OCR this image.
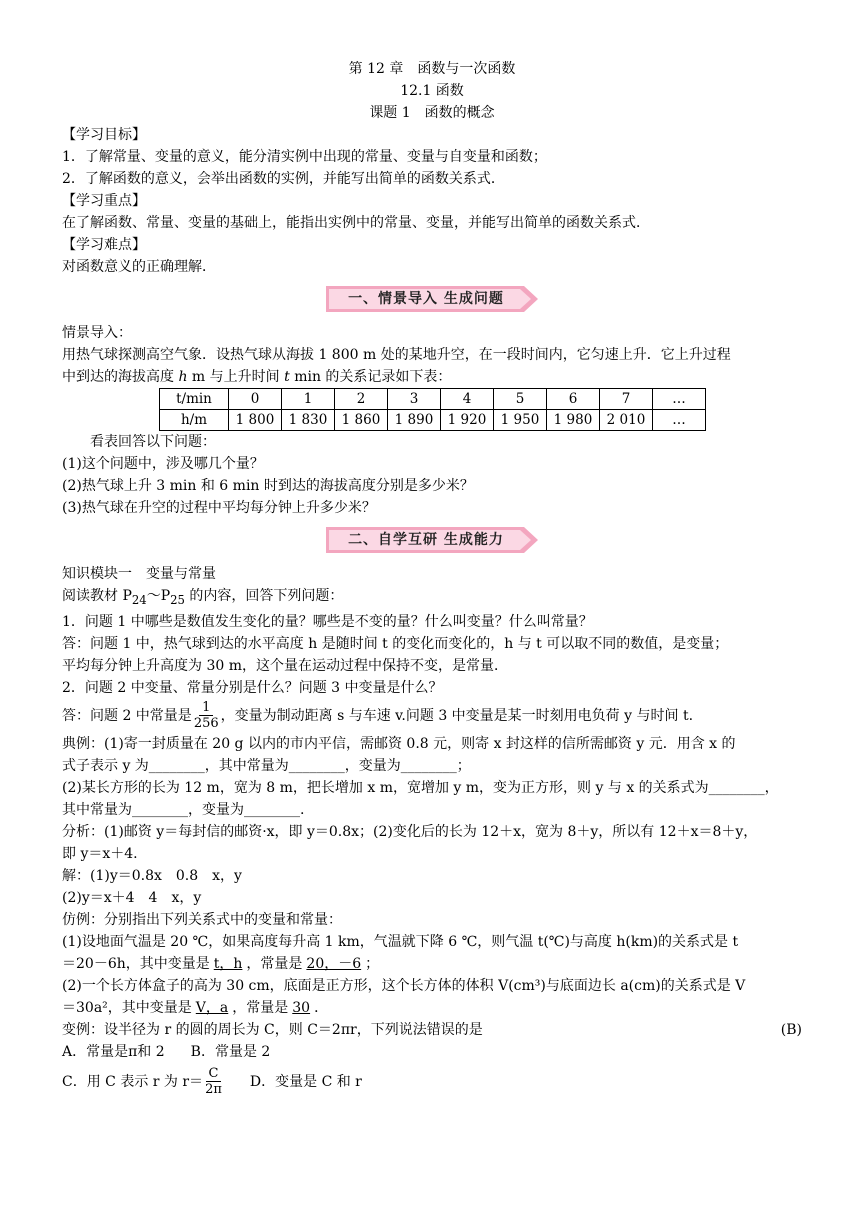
第 12 章　函数与一次函数
12.1 函数
课题 1　函数的概念

【学习目标】

1．了解常量、变量的意义，能分清实例中出现的常量、变量与自变量和函数；

2．了解函数的意义，会举出函数的实例，并能写出简单的函数关系式．

【学习重点】

在了解函数、常量、变量的基础上，能指出实例中的常量、变量，并能写出简单的函数关系式．

【学习难点】

对函数意义的正确理解．

一、情景导入 生成问题

情景导入：

用热气球探测高空气象．设热气球从海拔 1 800 m 处的某地升空，在一段时间内，它匀速上升．它上升过程

中到达的海拔高度 h m 与上升时间 t min 的关系记录如下表：

t/min	0	1	2	3	4	5	6	7	…
h/m	1 800	1 830	1 860	1 890	1 920	1 950	1 980	2 010	…

看表回答以下问题：

(1)这个问题中，涉及哪几个量？

(2)热气球上升 3 min 和 6 min 时到达的海拔高度分别是多少米？

(3)热气球在升空的过程中平均每分钟上升多少米？

二、自学互研 生成能力

知识模块一　变量与常量

阅读教材 $P_{24}\sim P_{25}$ 的内容，回答下列问题：

1．问题 1 中哪些是数值发生变化的量？哪些是不变的量？什么叫变量？什么叫常量？

答：问题 1 中，热气球到达的水平高度 h 是随时间 t 的变化而变化的，h 与 t 可以取不同的数值，是变量；

平均每分钟上升高度为 30 m，这个量在运动过程中保持不变，是常量．

2．问题 2 中变量、常量分别是什么？问题 3 中变量是什么？

答：问题 2 中常量是 $\frac{1}{256}$ ，变量为制动距离 s 与车速 v.问题 3 中变量是某一时刻用电负荷 y 与时间 t.

典例：(1)寄一封质量在 20 g 以内的市内平信，需邮资 0.8 元，则寄 x 封这样的信所需邮资 y 元．用含 x 的

式子表示 y 为________，其中常量为________，变量为________；

(2)某长方形的长为 12 m，宽为 8 m，把长增加 x m，宽增加 y m，变为正方形，则 y 与 x 的关系式为________，

其中常量为________，变量为________.

分析：(1)邮资 y＝每封信的邮资·x，即 y＝0.8x；(2)变化后的长为 12＋x，宽为 8＋y，所以有 12＋x＝8＋y，

即 y＝x＋4.

解：(1)y＝0.8x　0.8　x，y

(2)y＝x＋4　4　x，y

仿例：分别指出下列关系式中的变量和常量：

(1)设地面气温是 20 ℃，如果高度每升高 1 km，气温就下降 6 ℃，则气温 t(℃)与高度 h(km)的关系式是 t

＝20－6h，其中变量是 t，h ，常量是 20，－6 ；

(2)一个长方体盒子的高为 30 cm，底面是正方形，这个长方体的体积 V(cm³)与底面边长 a(cm)的关系式是 V

＝30a²，其中变量是 V，a ，常量是 30 ．

变例：设半径为 r 的圆的周长为 C，则 C＝2πr，下列说法错误的是	(B)

A．常量是π和 2 B．常量是 2

C．用 C 表示 r 为 $r= \frac{C}{2\pi}$ D．变量是 C 和 r
